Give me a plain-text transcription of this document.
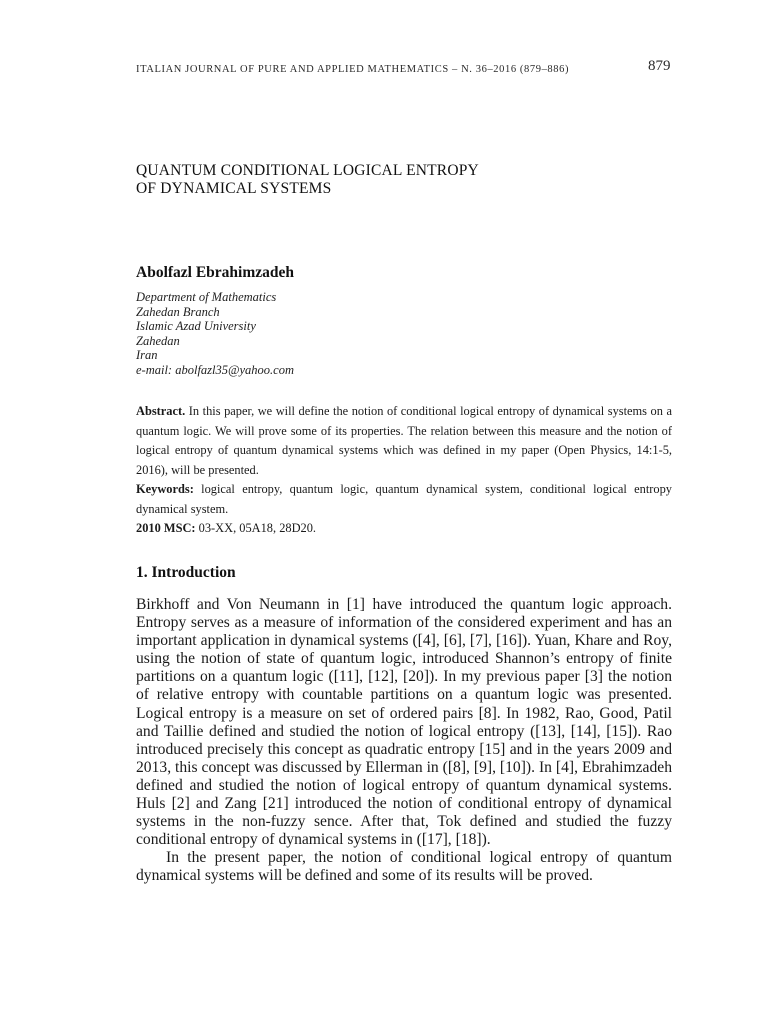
ITALIAN JOURNAL OF PURE AND APPLIED MATHEMATICS – N. 36–2016 (879–886)	879
QUANTUM CONDITIONAL LOGICAL ENTROPY
OF DYNAMICAL SYSTEMS
Abolfazl Ebrahimzadeh
Department of Mathematics
Zahedan Branch
Islamic Azad University
Zahedan
Iran
e-mail: abolfazl35@yahoo.com

Abstract. In this paper, we will define the notion of conditional logical entropy of dynamical systems on a quantum logic. We will prove some of its properties. The relation between this measure and the notion of logical entropy of quantum dynamical systems which was defined in my paper (Open Physics, 14:1-5, 2016), will be presented.

Keywords: logical entropy, quantum logic, quantum dynamical system, conditional logical entropy dynamical system.

2010 MSC: 03-XX, 05A18, 28D20.

1. Introduction

Birkhoff and Von Neumann in [1] have introduced the quantum logic approach. Entropy serves as a measure of information of the considered experiment and has an important application in dynamical systems ([4], [6], [7], [16]). Yuan, Khare and Roy, using the notion of state of quantum logic, introduced Shannon’s entropy of finite partitions on a quantum logic ([11], [12], [20]). In my previous paper [3] the notion of relative entropy with countable partitions on a quantum logic was presented. Logical entropy is a measure on set of ordered pairs [8]. In 1982, Rao, Good, Patil and Taillie defined and studied the notion of logical entropy ([13], [14], [15]). Rao introduced precisely this concept as quadratic entropy [15] and in the years 2009 and 2013, this concept was discussed by Ellerman in ([8], [9], [10]). In [4], Ebrahimzadeh defined and studied the notion of logical entropy of quantum dynamical systems. Huls [2] and Zang [21] introduced the notion of conditional entropy of dynamical systems in the non-fuzzy sence. After that, Tok defined and studied the fuzzy conditional entropy of dynamical systems in ([17], [18]).

In the present paper, the notion of conditional logical entropy of quantum dynamical systems will be defined and some of its results will be proved.
